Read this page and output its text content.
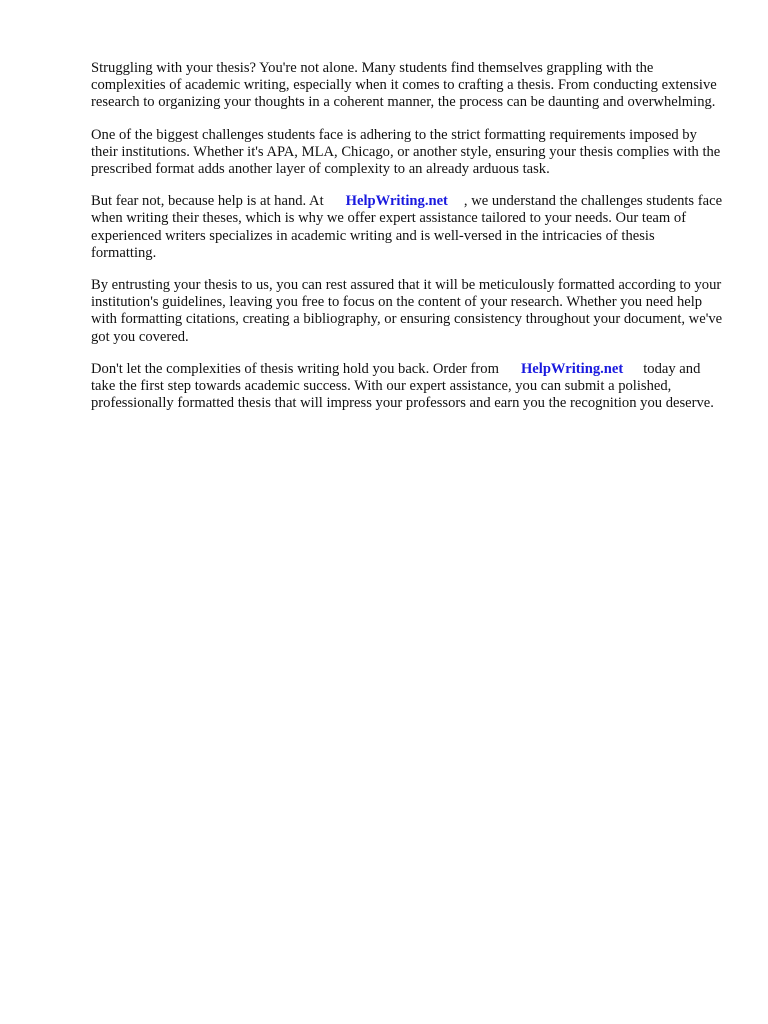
Struggling with your thesis? You're not alone. Many students find themselves grappling with the complexities of academic writing, especially when it comes to crafting a thesis. From conducting extensive research to organizing your thoughts in a coherent manner, the process can be daunting and overwhelming.

One of the biggest challenges students face is adhering to the strict formatting requirements imposed by their institutions. Whether it's APA, MLA, Chicago, or another style, ensuring your thesis complies with the prescribed format adds another layer of complexity to an already arduous task.

But fear not, because help is at hand. At HelpWriting.net , we understand the challenges students face when writing their theses, which is why we offer expert assistance tailored to your needs. Our team of experienced writers specializes in academic writing and is well-versed in the intricacies of thesis formatting.

By entrusting your thesis to us, you can rest assured that it will be meticulously formatted according to your institution's guidelines, leaving you free to focus on the content of your research. Whether you need help with formatting citations, creating a bibliography, or ensuring consistency throughout your document, we've got you covered.

Don't let the complexities of thesis writing hold you back. Order from HelpWriting.net today and take the first step towards academic success. With our expert assistance, you can submit a polished, professionally formatted thesis that will impress your professors and earn you the recognition you deserve.
